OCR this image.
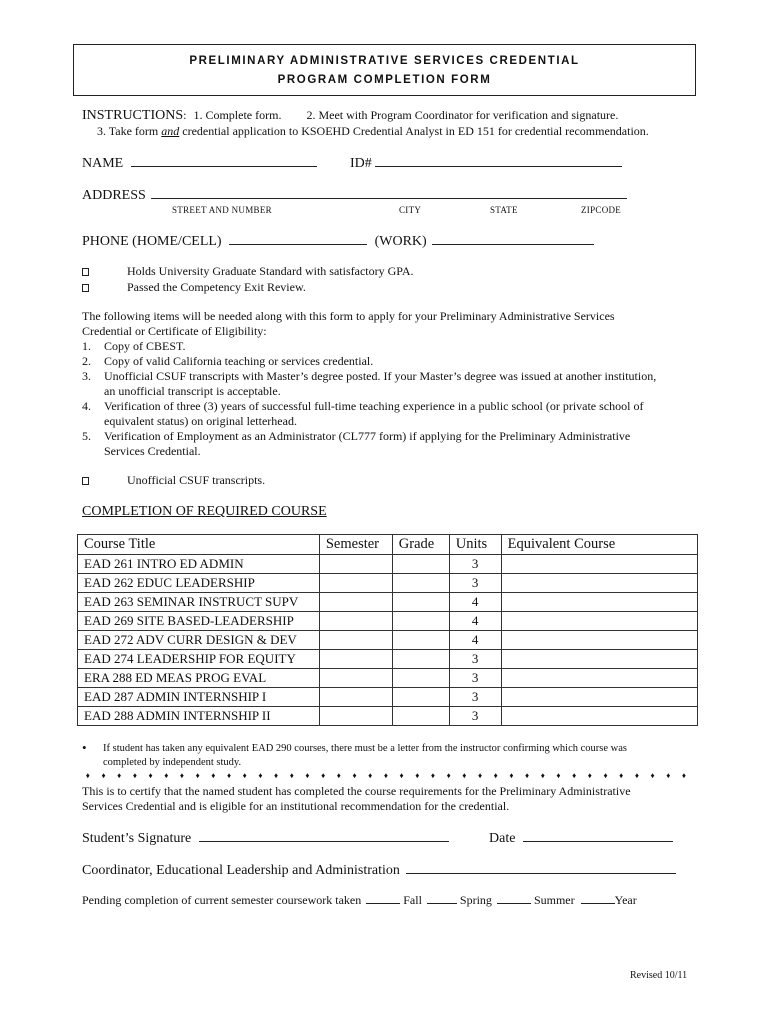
PRELIMINARY ADMINISTRATIVE SERVICES CREDENTIAL
PROGRAM COMPLETION FORM
INSTRUCTIONS: 1. Complete form. 2. Meet with Program Coordinator for verification and signature.
3. Take form and credential application to KSOEHD Credential Analyst in ED 151 for credential recommendation.
NAME	ID#
ADDRESS
STREET AND NUMBER	CITY	STATE	ZIPCODE
PHONE (HOME/CELL)	(WORK)
Holds University Graduate Standard with satisfactory GPA.
Passed the Competency Exit Review.
The following items will be needed along with this form to apply for your Preliminary Administrative Services
Credential or Certificate of Eligibility:
1. Copy of CBEST.
2. Copy of valid California teaching or services credential.
3. Unofficial CSUF transcripts with Master’s degree posted. If your Master’s degree was issued at another institution,
an unofficial transcript is acceptable.
4. Verification of three (3) years of successful full-time teaching experience in a public school (or private school of
equivalent status) on original letterhead.
5. Verification of Employment as an Administrator (CL777 form) if applying for the Preliminary Administrative
Services Credential.
Unofficial CSUF transcripts.
COMPLETION OF REQUIRED COURSE
Course Title	Semester	Grade	Units	Equivalent Course
EAD 261 INTRO ED ADMIN			3	
EAD 262 EDUC LEADERSHIP			3	
EAD 263 SEMINAR INSTRUCT SUPV			4	
EAD 269 SITE BASED-LEADERSHIP			4	
EAD 272 ADV CURR DESIGN & DEV			4	
EAD 274 LEADERSHIP FOR EQUITY			3	
ERA 288 ED MEAS PROG EVAL			3	
EAD 287 ADMIN INTERNSHIP I			3	
EAD 288 ADMIN INTERNSHIP II			3	
• If student has taken any equivalent EAD 290 courses, there must be a letter from the instructor confirming which course was
completed by independent study.
♦ ♦ ♦ ♦ ♦ ♦ ♦ ♦ ♦ ♦ ♦ ♦ ♦ ♦ ♦ ♦ ♦ ♦ ♦ ♦ ♦ ♦ ♦ ♦ ♦ ♦ ♦ ♦ ♦ ♦ ♦ ♦ ♦ ♦ ♦ ♦ ♦ ♦ ♦
This is to certify that the named student has completed the course requirements for the Preliminary Administrative
Services Credential and is eligible for an institutional recommendation for the credential.
Student’s Signature	Date
Coordinator, Educational Leadership and Administration
Pending completion of current semester coursework taken	Fall	Spring	Summer	Year
Revised 10/11
